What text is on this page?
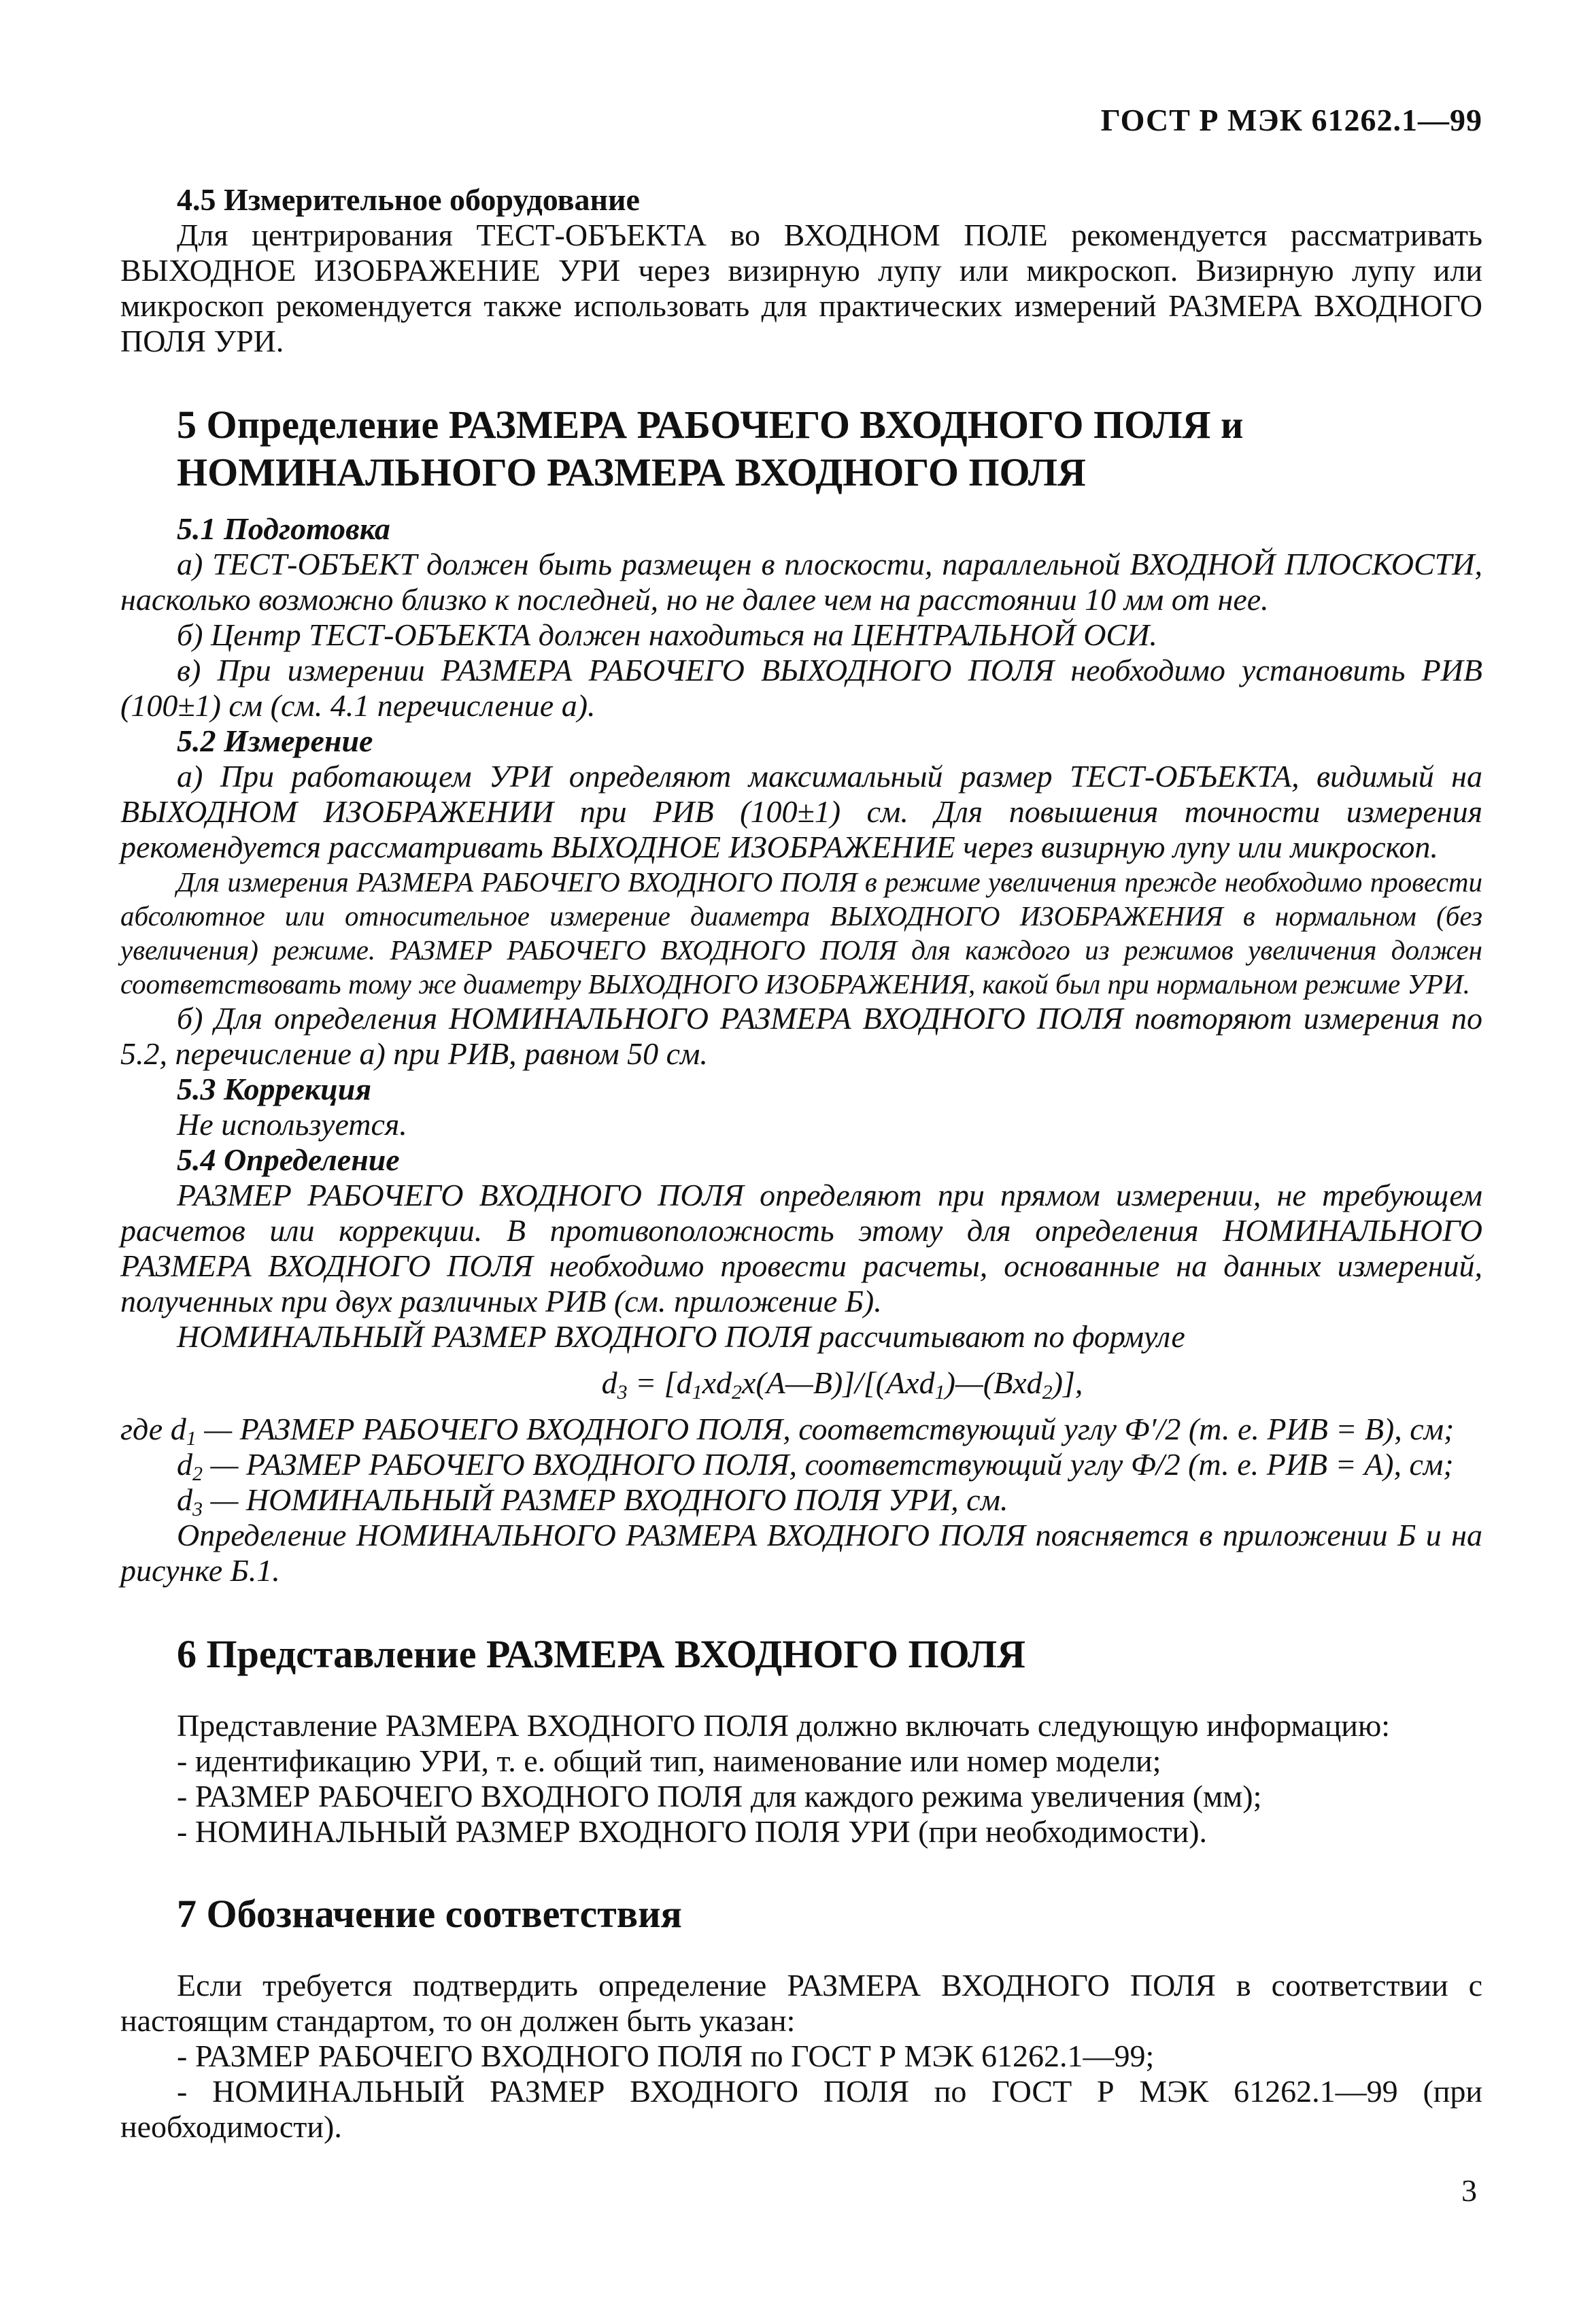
ГОСТ Р МЭК 61262.1—99
4.5 Измерительное оборудование

Для центрирования ТЕСТ-ОБЪЕКТА во ВХОДНОМ ПОЛЕ рекомендуется рассматривать ВЫХОДНОЕ ИЗОБРАЖЕНИЕ УРИ через визирную лупу или микроскоп. Визирную лупу или микроскоп рекомендуется также использовать для практических измерений РАЗМЕРА ВХОДНОГО ПОЛЯ УРИ.

5 Определение РАЗМЕРА РАБОЧЕГО ВХОДНОГО ПОЛЯ и
НОМИНАЛЬНОГО РАЗМЕРА ВХОДНОГО ПОЛЯ
5.1 Подготовка

а) ТЕСТ-ОБЪЕКТ должен быть размещен в плоскости, параллельной ВХОДНОЙ ПЛОСКОСТИ, насколько возможно близко к последней, но не далее чем на расстоянии 10 мм от нее.

б) Центр ТЕСТ-ОБЪЕКТА должен находиться на ЦЕНТРАЛЬНОЙ ОСИ.

в) При измерении РАЗМЕРА РАБОЧЕГО ВЫХОДНОГО ПОЛЯ необходимо установить РИВ (100±1) см (см. 4.1 перечисление а).

5.2 Измерение

а) При работающем УРИ определяют максимальный размер ТЕСТ-ОБЪЕКТА, видимый на ВЫХОДНОМ ИЗОБРАЖЕНИИ при РИВ (100±1) см. Для повышения точности измерения рекомендуется рассматривать ВЫХОДНОЕ ИЗОБРАЖЕНИЕ через визирную лупу или микроскоп.

Для измерения РАЗМЕРА РАБОЧЕГО ВХОДНОГО ПОЛЯ в режиме увеличения прежде необходимо провести абсолютное или относительное измерение диаметра ВЫХОДНОГО ИЗОБРАЖЕНИЯ в нормальном (без увеличения) режиме. РАЗМЕР РАБОЧЕГО ВХОДНОГО ПОЛЯ для каждого из режимов увеличения должен соответствовать тому же диаметру ВЫХОДНОГО ИЗОБРАЖЕНИЯ, какой был при нормальном режиме УРИ.

б) Для определения НОМИНАЛЬНОГО РАЗМЕРА ВХОДНОГО ПОЛЯ повторяют измерения по 5.2, перечисление а) при РИВ, равном 50 см.

5.3 Коррекция

Не используется.

5.4 Определение

РАЗМЕР РАБОЧЕГО ВХОДНОГО ПОЛЯ определяют при прямом измерении, не требующем расчетов или коррекции. В противоположность этому для определения НОМИНАЛЬНОГО РАЗМЕРА ВХОДНОГО ПОЛЯ необходимо провести расчеты, основанные на данных измерений, полученных при двух различных РИВ (см. приложение Б).

НОМИНАЛЬНЫЙ РАЗМЕР ВХОДНОГО ПОЛЯ рассчитывают по формуле

$d_3$ = $[d_1xd_2x(A—B)]/[(Axd_1)—(Bxd_2)]$,

где $d_1$ — РАЗМЕР РАБОЧЕГО ВХОДНОГО ПОЛЯ, соответствующий углу Ф′/2 (т. е. РИВ = В), см;

$d_2$ — РАЗМЕР РАБОЧЕГО ВХОДНОГО ПОЛЯ, соответствующий углу Ф/2 (т. е. РИВ = А), см;

$d_3$ — НОМИНАЛЬНЫЙ РАЗМЕР ВХОДНОГО ПОЛЯ УРИ, см.

Определение НОМИНАЛЬНОГО РАЗМЕРА ВХОДНОГО ПОЛЯ поясняется в приложении Б и на рисунке Б.1.

6 Представление РАЗМЕРА ВХОДНОГО ПОЛЯ

Представление РАЗМЕРА ВХОДНОГО ПОЛЯ должно включать следующую информацию:

- идентификацию УРИ, т. е. общий тип, наименование или номер модели;

- РАЗМЕР РАБОЧЕГО ВХОДНОГО ПОЛЯ для каждого режима увеличения (мм);

- НОМИНАЛЬНЫЙ РАЗМЕР ВХОДНОГО ПОЛЯ УРИ (при необходимости).

7 Обозначение соответствия

Если требуется подтвердить определение РАЗМЕРА ВХОДНОГО ПОЛЯ в соответствии с настоящим стандартом, то он должен быть указан:

- РАЗМЕР РАБОЧЕГО ВХОДНОГО ПОЛЯ по ГОСТ Р МЭК 61262.1—99;

- НОМИНАЛЬНЫЙ РАЗМЕР ВХОДНОГО ПОЛЯ по ГОСТ Р МЭК 61262.1—99 (при необходимости).

3
